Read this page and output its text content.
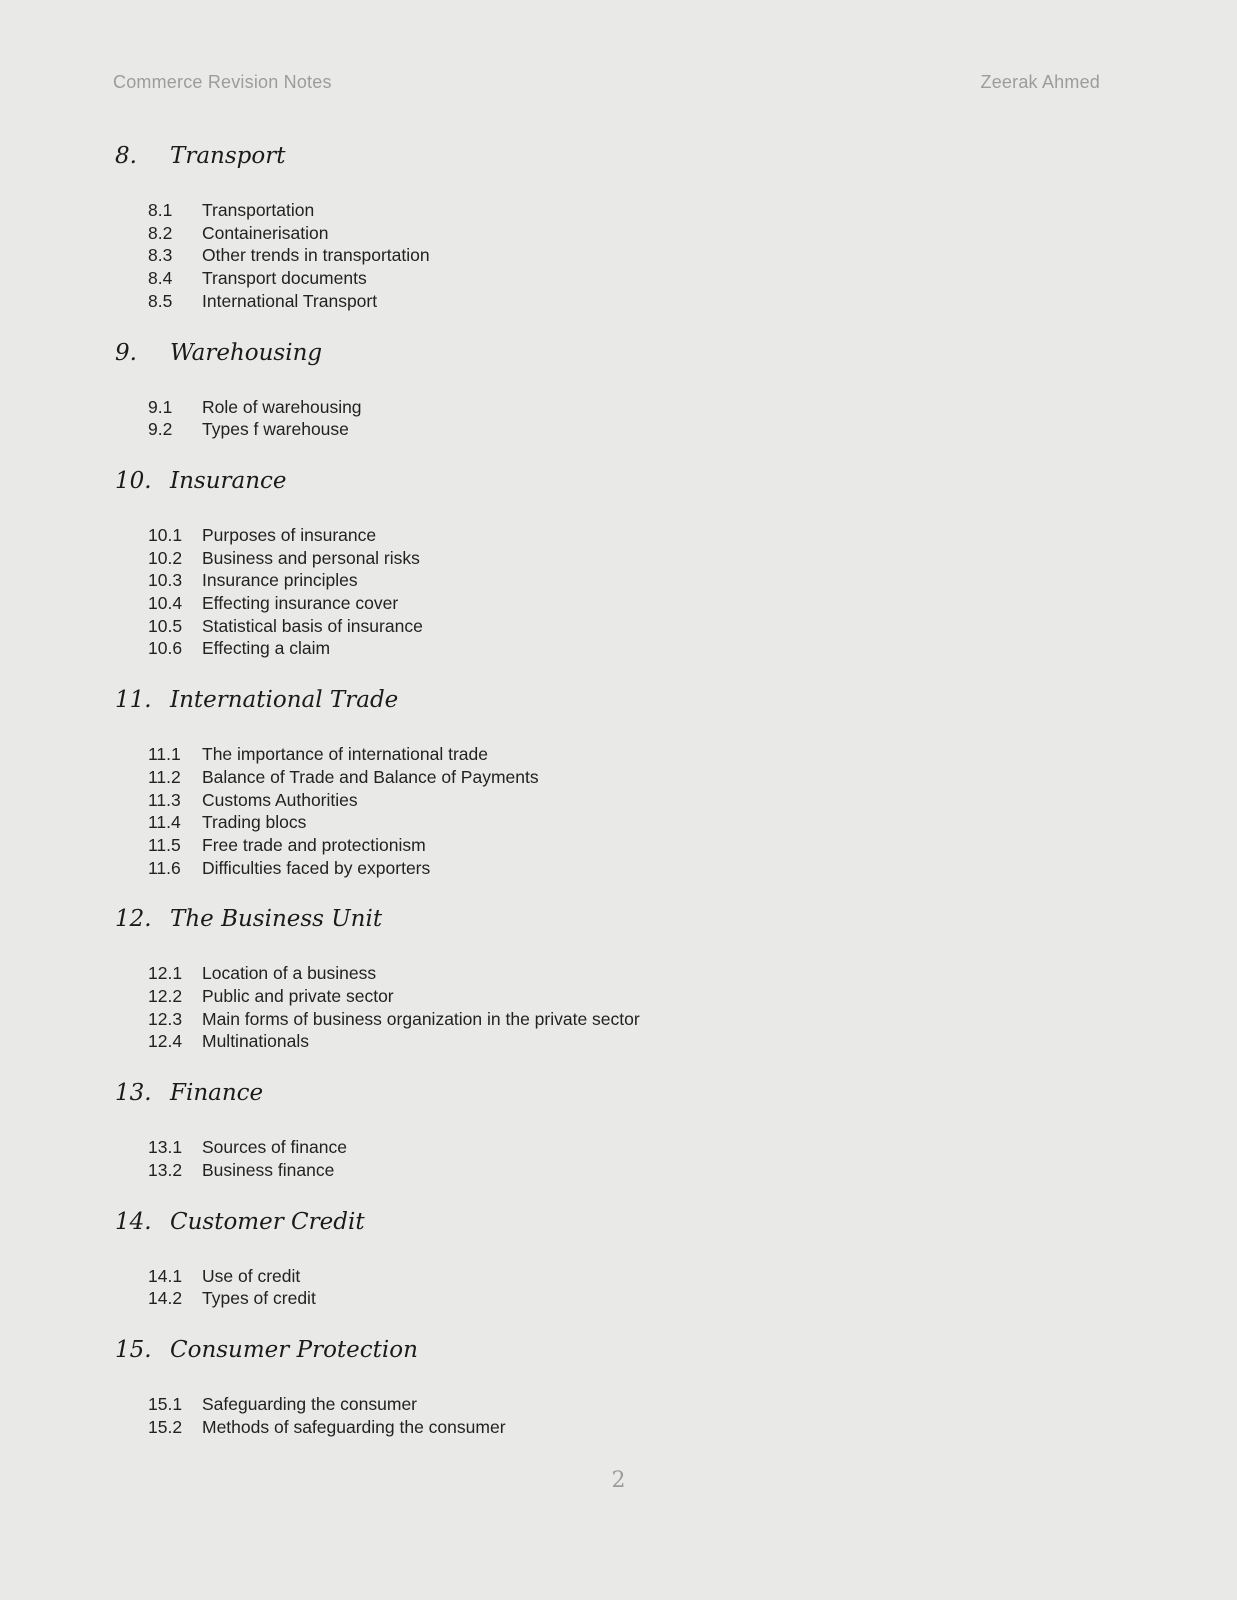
Commerce Revision Notes	Zeerak Ahmed
8.	Transport
8.1	Transportation
8.2	Containerisation
8.3	Other trends in transportation
8.4	Transport documents
8.5	International Transport
9.	Warehousing
9.1	Role of warehousing
9.2	Types f warehouse
10. Insurance
10.1	Purposes of insurance
10.2	Business and personal risks
10.3	Insurance principles
10.4	Effecting insurance cover
10.5	Statistical basis of insurance
10.6	Effecting a claim
11. International Trade
11.1	The importance of international trade
11.2	Balance of Trade and Balance of Payments
11.3	Customs Authorities
11.4	Trading blocs
11.5	Free trade and protectionism
11.6	Difficulties faced by exporters
12. The Business Unit
12.1	Location of a business
12.2	Public and private sector
12.3	Main forms of business organization in the private sector
12.4	Multinationals
13. Finance
13.1	Sources of finance
13.2	Business finance
14. Customer Credit
14.1	Use of credit
14.2	Types of credit
15. Consumer Protection
15.1	Safeguarding the consumer
15.2	Methods of safeguarding the consumer
2
